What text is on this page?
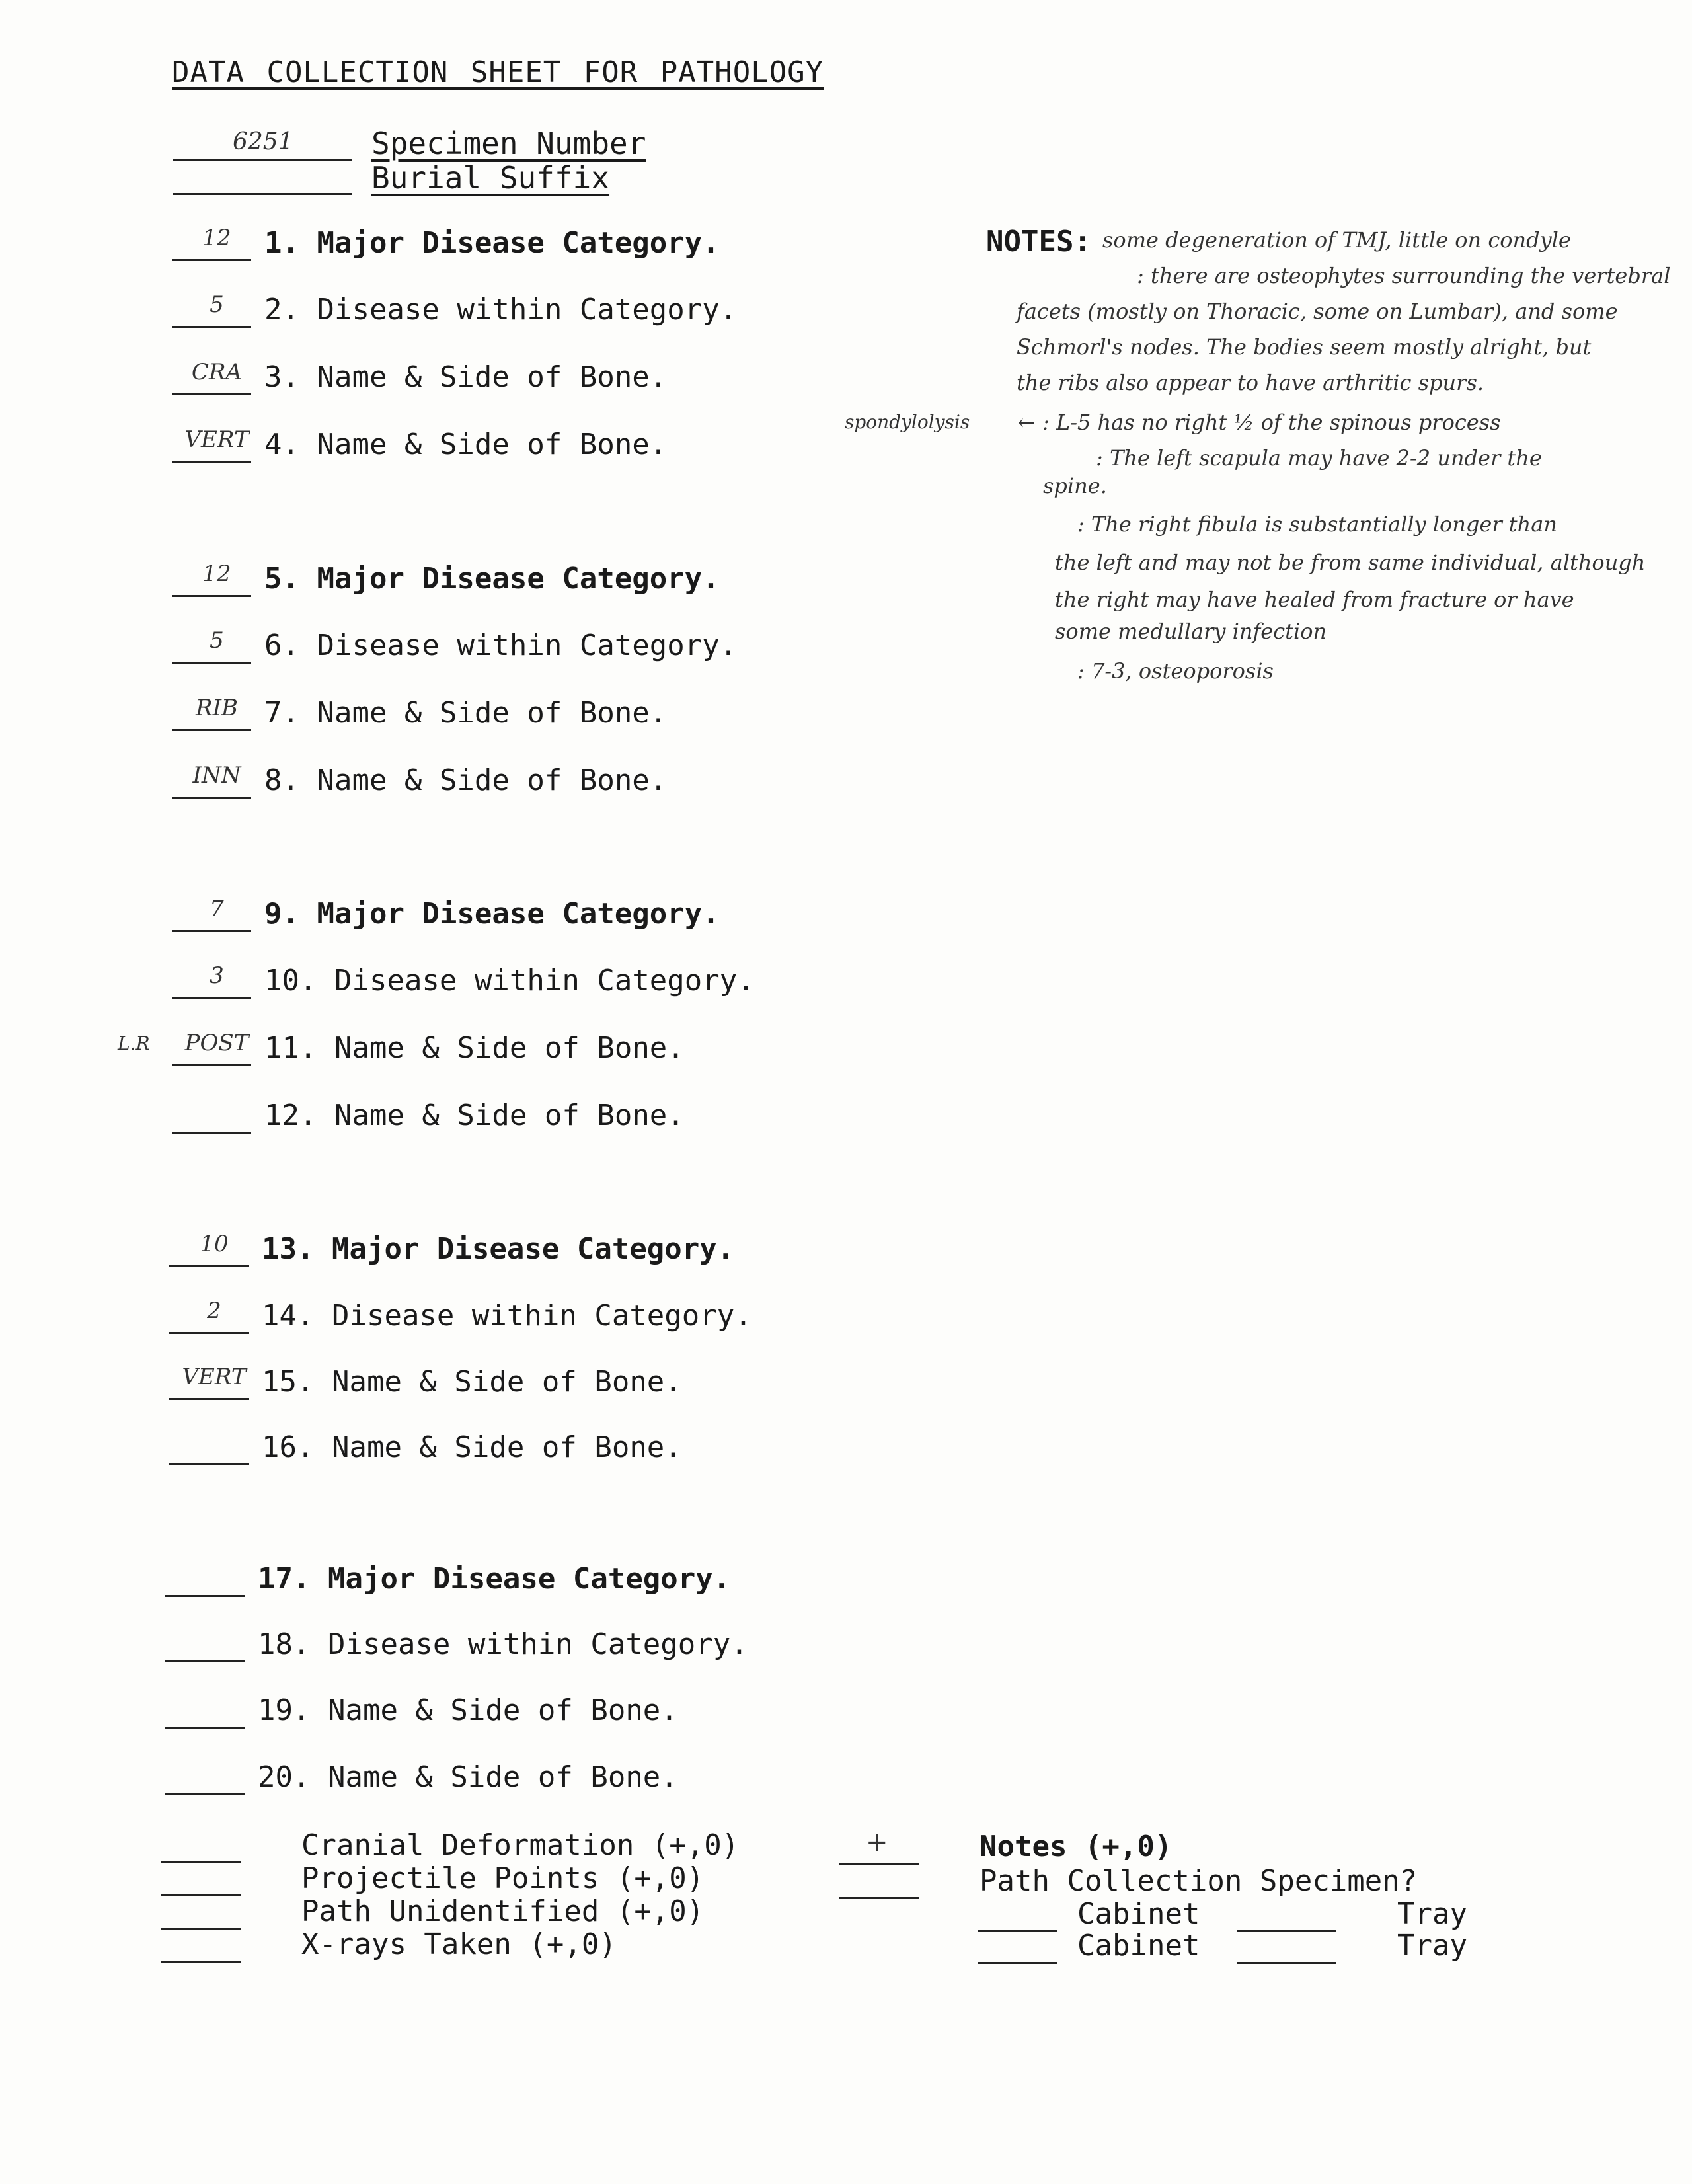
DATA COLLECTION SHEET FOR PATHOLOGY
6251	Specimen Number
Burial Suffix
12	1. Major Disease Category.
5	2. Disease within Category.
CRA 3. Name & Side of Bone.
VERT 4. Name & Side of Bone.
12	5. Major Disease Category.
5	6. Disease within Category.
RIB 7. Name & Side of Bone.
INN 8. Name & Side of Bone.
7	9. Major Disease Category.
3	10. Disease within Category.
POST 11. Name & Side of Bone.
12. Name & Side of Bone.
10	13. Major Disease Category.
2	14. Disease within Category.
VERT 15. Name & Side of Bone.
16. Name & Side of Bone.
17. Major Disease Category.
18. Disease within Category.
19. Name & Side of Bone.
20. Name & Side of Bone.
L.R
spondylolysis
NOTES: some degeneration of TMJ, little on condyle
: there are osteophytes surrounding the vertebral
facets (mostly on Thoracic, some on Lumbar), and some
Schmorl's nodes. The bodies seem mostly alright, but
the ribs also appear to have arthritic spurs.
← : L-5 has no right ½ of the spinous process
: The left scapula may have 2-2 under the
spine.
: The right fibula is substantially longer than
the left and may not be from same individual, although
the right may have healed from fracture or have
some medullary infection
: 7-3, osteoporosis
Cranial Deformation (+,0)
Projectile Points (+,0)
Path Unidentified (+,0)
X-rays Taken (+,0)
+	Notes (+,0)
Path Collection Specimen?
Cabinet	Tray
Cabinet	Tray
